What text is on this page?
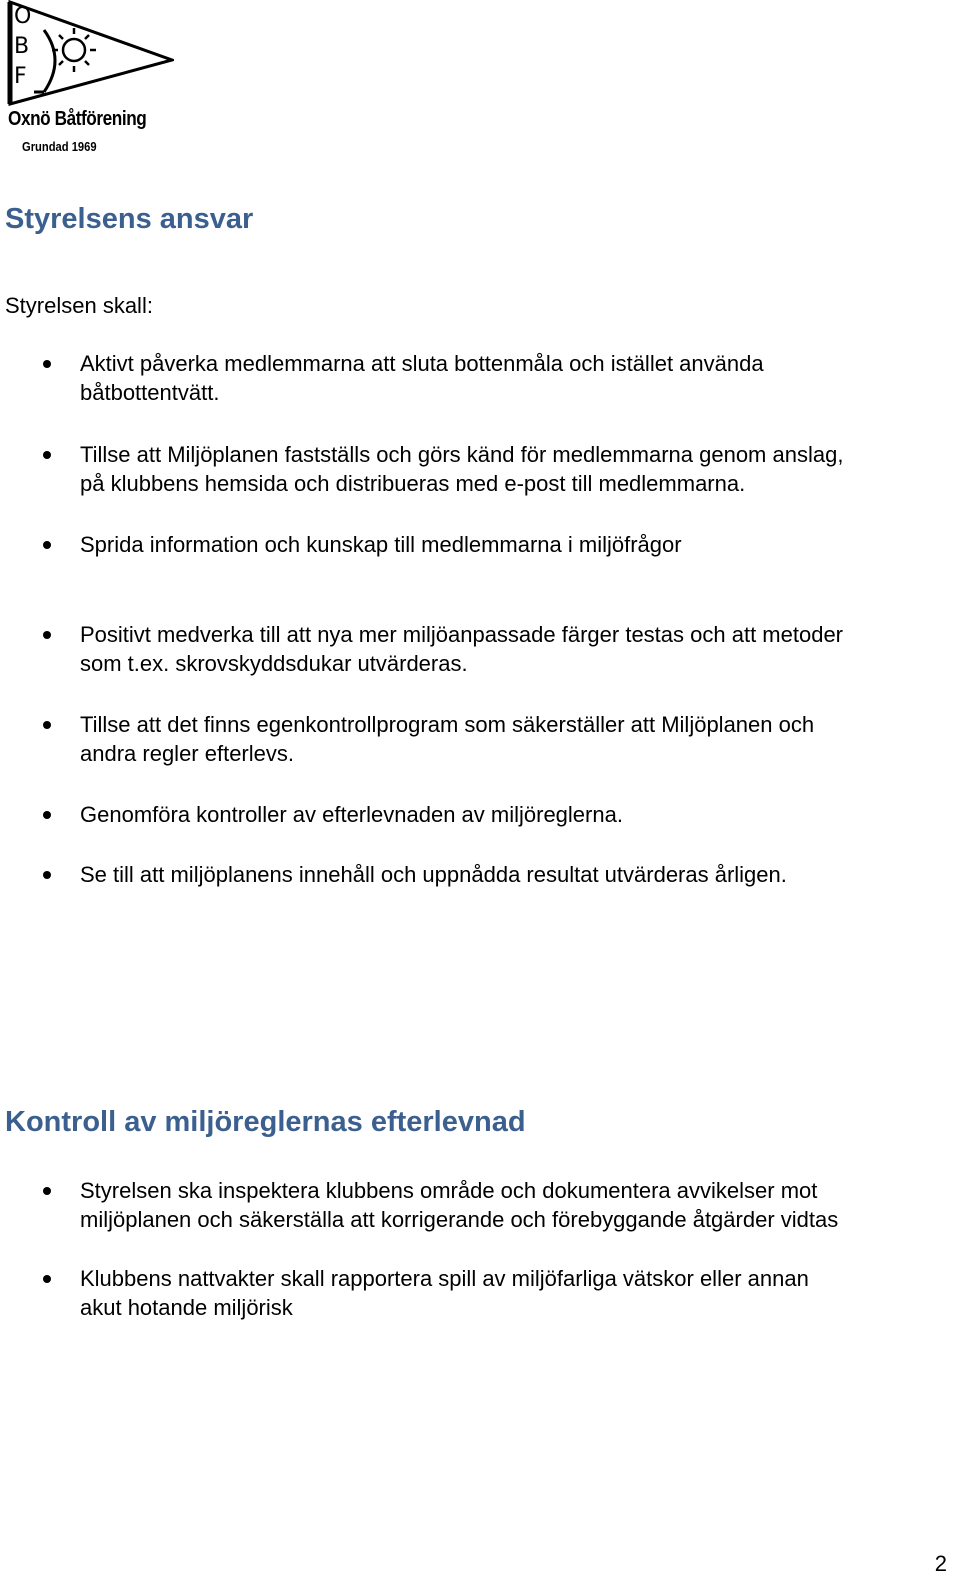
O
B
F
Oxnö Båtförening
Grundad 1969
Styrelsens ansvar

Styrelsen skall:

Aktivt påverka medlemmarna att sluta bottenmåla och istället använda
båtbottentvätt.
Tillse att Miljöplanen fastställs och görs känd för medlemmarna genom anslag,
på klubbens hemsida och distribueras med e-post till medlemmarna.
Sprida information och kunskap till medlemmarna i miljöfrågor
Positivt medverka till att nya mer miljöanpassade färger testas och att metoder
som t.ex. skrovskyddsdukar utvärderas.
Tillse att det finns egenkontrollprogram som säkerställer att Miljöplanen och
andra regler efterlevs.
Genomföra kontroller av efterlevnaden av miljöreglerna.
Se till att miljöplanens innehåll och uppnådda resultat utvärderas årligen.
Kontroll av miljöreglernas efterlevnad
Styrelsen ska inspektera klubbens område och dokumentera avvikelser mot
miljöplanen och säkerställa att korrigerande och förebyggande åtgärder vidtas
Klubbens nattvakter skall rapportera spill av miljöfarliga vätskor eller annan
akut hotande miljörisk
2
